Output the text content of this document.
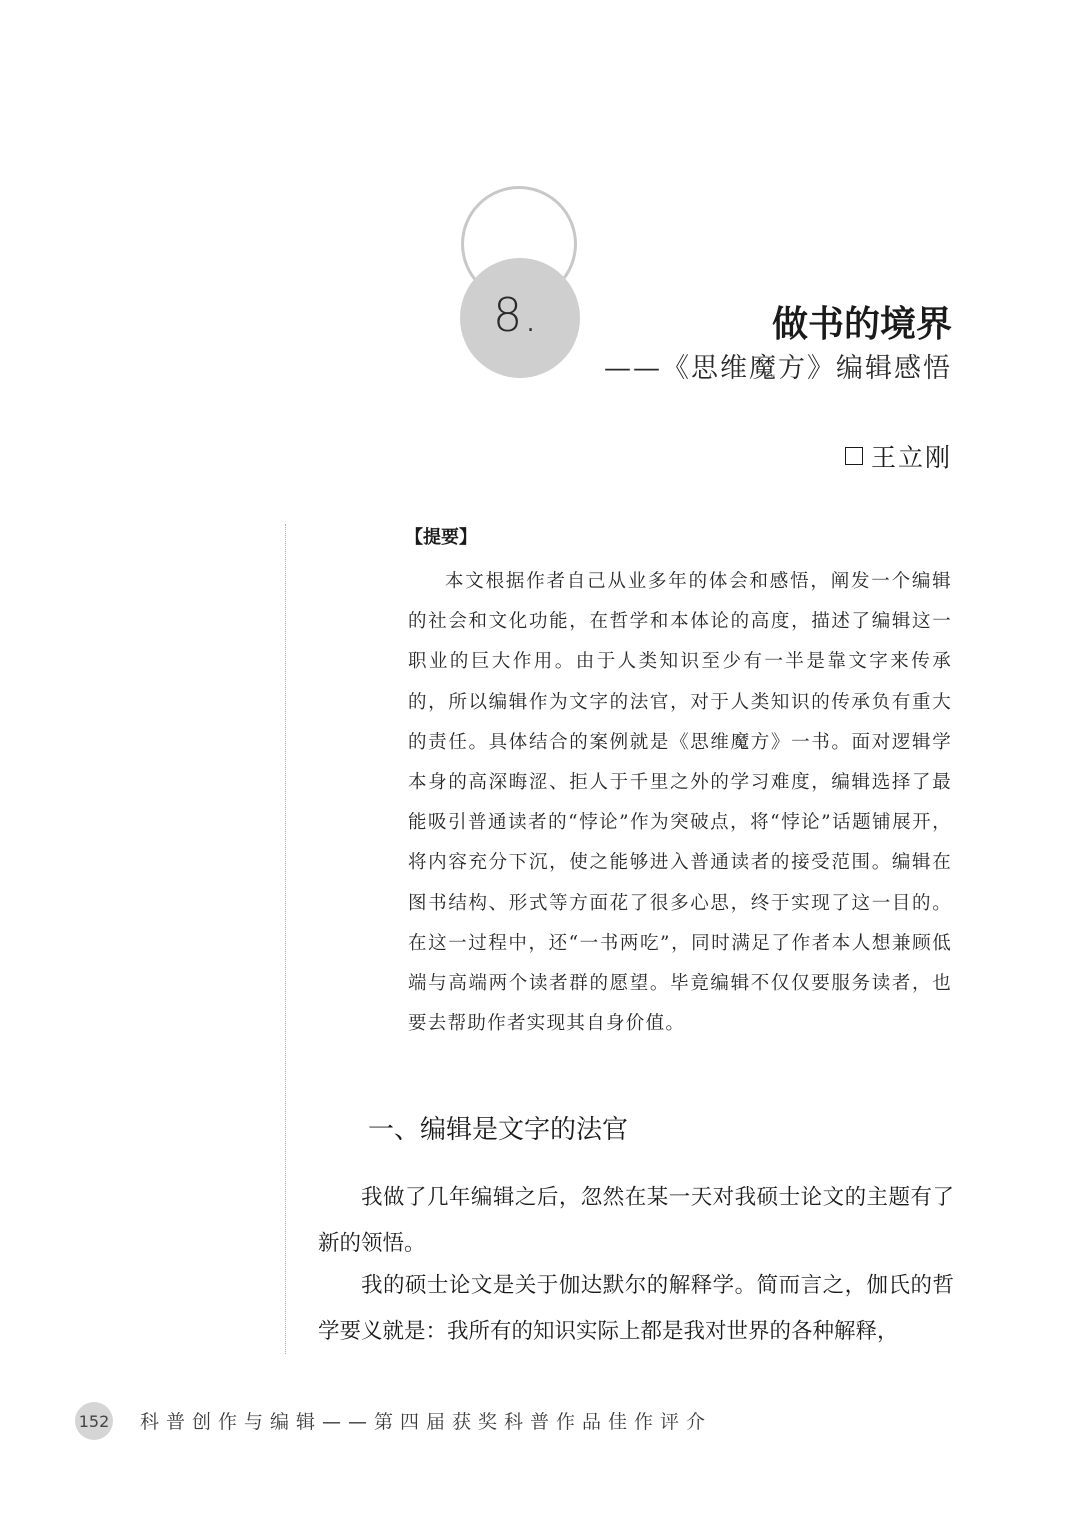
8.	做书的境界
——《思维魔方》编辑感悟
王立刚
【提要】

本文根据作者自己从业多年的体会和感悟，阐发一个编辑的社会和文化功能，在哲学和本体论的高度，描述了编辑这一职业的巨大作用。由于人类知识至少有一半是靠文字来传承的，所以编辑作为文字的法官，对于人类知识的传承负有重大的责任。具体结合的案例就是《思维魔方》一书。面对逻辑学本身的高深晦涩、拒人于千里之外的学习难度，编辑选择了最能吸引普通读者的“悖论”作为突破点，将“悖论”话题铺展开，将内容充分下沉，使之能够进入普通读者的接受范围。编辑在图书结构、形式等方面花了很多心思，终于实现了这一目的。在这一过程中，还“一书两吃”，同时满足了作者本人想兼顾低端与高端两个读者群的愿望。毕竟编辑不仅仅要服务读者，也要去帮助作者实现其自身价值。

一、编辑是文字的法官

我做了几年编辑之后，忽然在某一天对我硕士论文的主题有了新的领悟。

我的硕士论文是关于伽达默尔的解释学。简而言之，伽氏的哲学要义就是：我所有的知识实际上都是我对世界的各种解释，

152 科普创作与编辑——第四届获奖科普作品佳作评介
